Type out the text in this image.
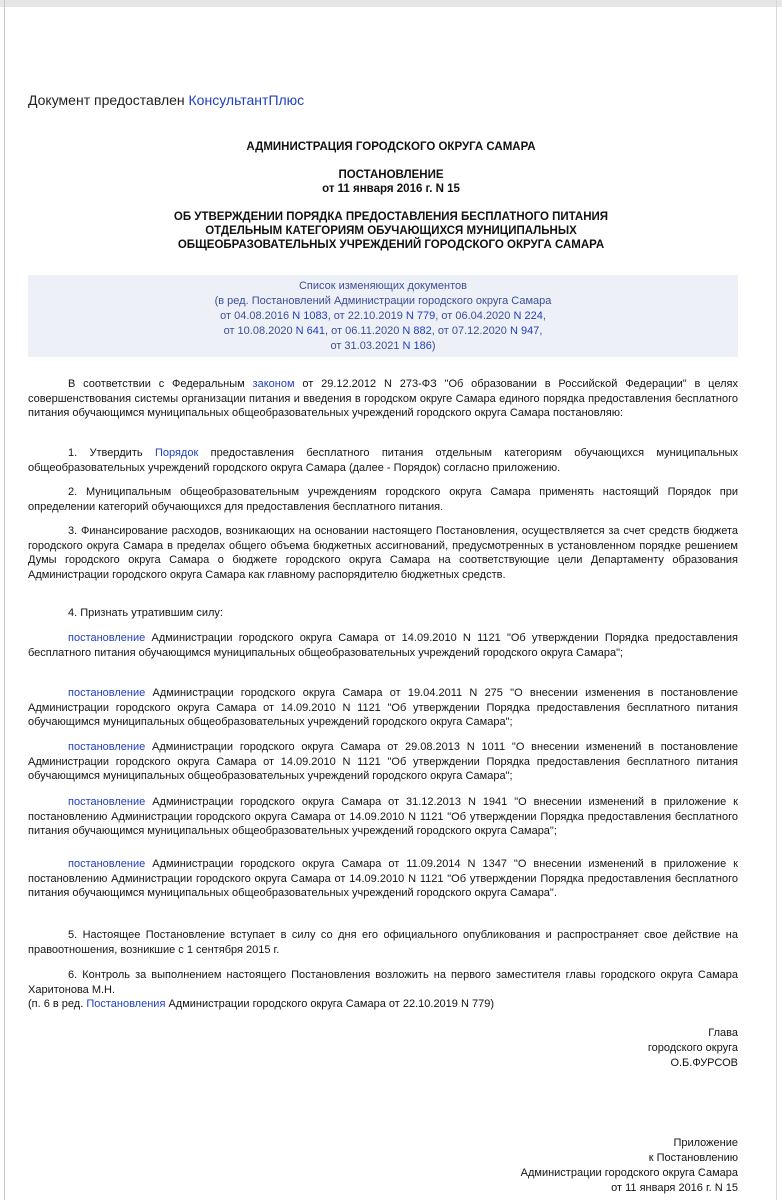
Документ предоставлен КонсультантПлюс
АДМИНИСТРАЦИЯ ГОРОДСКОГО ОКРУГА САМАРА
ПОСТАНОВЛЕНИЕ
от 11 января 2016 г. N 15
ОБ УТВЕРЖДЕНИИ ПОРЯДКА ПРЕДОСТАВЛЕНИЯ БЕСПЛАТНОГО ПИТАНИЯ
ОТДЕЛЬНЫМ КАТЕГОРИЯМ ОБУЧАЮЩИХСЯ МУНИЦИПАЛЬНЫХ
ОБЩЕОБРАЗОВАТЕЛЬНЫХ УЧРЕЖДЕНИЙ ГОРОДСКОГО ОКРУГА САМАРА
Список изменяющих документов
(в ред. Постановлений Администрации городского округа Самара
от 04.08.2016 N 1083, от 22.10.2019 N 779, от 06.04.2020 N 224,
от 10.08.2020 N 641, от 06.11.2020 N 882, от 07.12.2020 N 947,
от 31.03.2021 N 186)
В соответствии с Федеральным законом от 29.12.2012 N 273-ФЗ "Об образовании в Российской Федерации" в целях совершенствования системы организации питания и введения в городском округе Самара единого порядка предоставления бесплатного питания обучающимся муниципальных общеобразовательных учреждений городского округа Самара постановляю:
1. Утвердить Порядок предоставления бесплатного питания отдельным категориям обучающихся муниципальных общеобразовательных учреждений городского округа Самара (далее - Порядок) согласно приложению.
2. Муниципальным общеобразовательным учреждениям городского округа Самара применять настоящий Порядок при определении категорий обучающихся для предоставления бесплатного питания.
3. Финансирование расходов, возникающих на основании настоящего Постановления, осуществляется за счет средств бюджета городского округа Самара в пределах общего объема бюджетных ассигнований, предусмотренных в установленном порядке решением Думы городского округа Самара о бюджете городского округа Самара на соответствующие цели Департаменту образования Администрации городского округа Самара как главному распорядителю бюджетных средств.
4. Признать утратившим силу:
постановление Администрации городского округа Самара от 14.09.2010 N 1121 "Об утверждении Порядка предоставления бесплатного питания обучающимся муниципальных общеобразовательных учреждений городского округа Самара";
постановление Администрации городского округа Самара от 19.04.2011 N 275 "О внесении изменения в постановление Администрации городского округа Самара от 14.09.2010 N 1121 "Об утверждении Порядка предоставления бесплатного питания обучающимся муниципальных общеобразовательных учреждений городского округа Самара";
постановление Администрации городского округа Самара от 29.08.2013 N 1011 "О внесении изменений в постановление Администрации городского округа Самара от 14.09.2010 N 1121 "Об утверждении Порядка предоставления бесплатного питания обучающимся муниципальных общеобразовательных учреждений городского округа Самара";
постановление Администрации городского округа Самара от 31.12.2013 N 1941 "О внесении изменений в приложение к постановлению Администрации городского округа Самара от 14.09.2010 N 1121 "Об утверждении Порядка предоставления бесплатного питания обучающимся муниципальных общеобразовательных учреждений городского округа Самара";
постановление Администрации городского округа Самара от 11.09.2014 N 1347 "О внесении изменений в приложение к постановлению Администрации городского округа Самара от 14.09.2010 N 1121 "Об утверждении Порядка предоставления бесплатного питания обучающимся муниципальных общеобразовательных учреждений городского округа Самара".
5. Настоящее Постановление вступает в силу со дня его официального опубликования и распространяет свое действие на правоотношения, возникшие с 1 сентября 2015 г.
6. Контроль за выполнением настоящего Постановления возложить на первого заместителя главы городского округа Самара Харитонова М.Н.
(п. 6 в ред. Постановления Администрации городского округа Самара от 22.10.2019 N 779)
Глава
городского округа
О.Б.ФУРСОВ
Приложение
к Постановлению
Администрации городского округа Самара
от 11 января 2016 г. N 15
